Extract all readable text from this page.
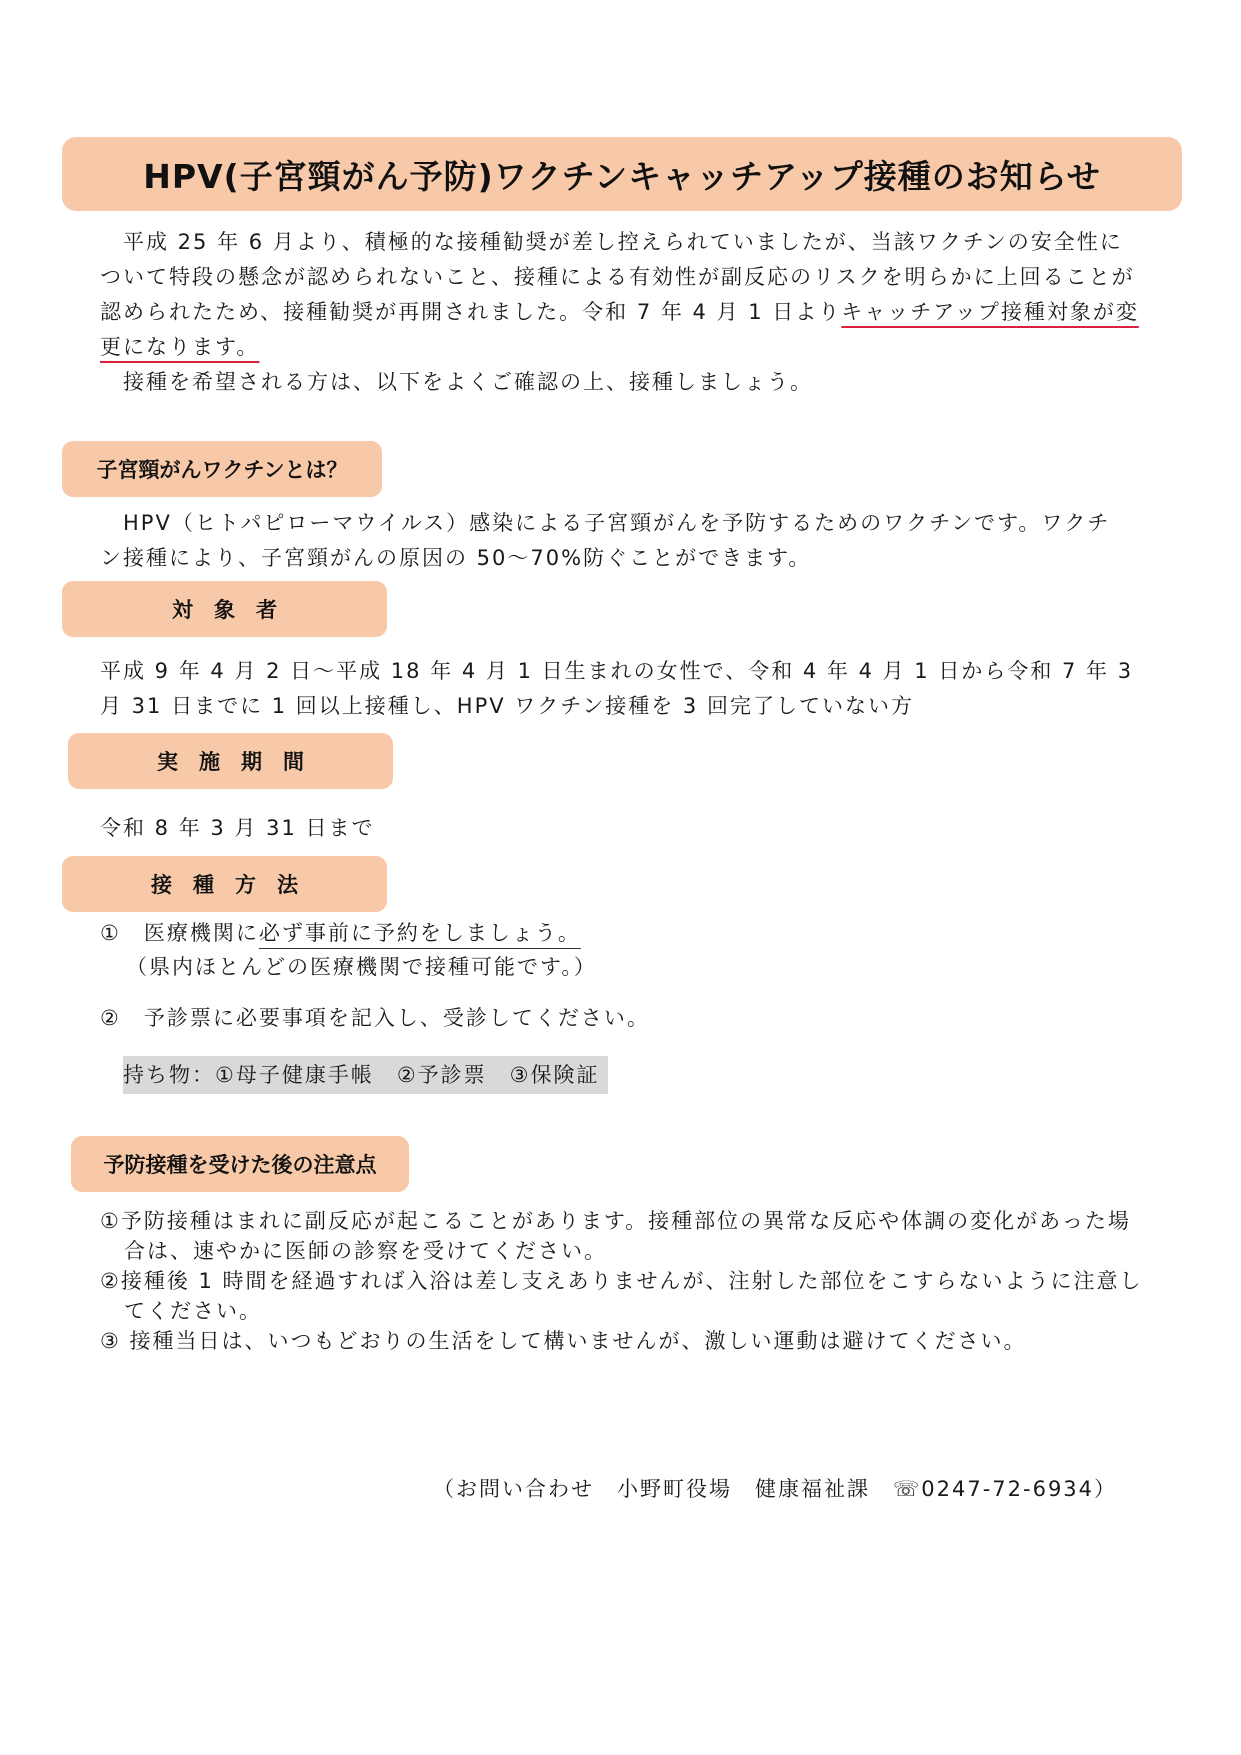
HPV(子宮頸がん予防)ワクチンキャッチアップ接種のお知らせ

　平成 25 年 6 月より、積極的な接種勧奨が差し控えられていましたが、当該ワクチンの安全性について特段の懸念が認められないこと、接種による有効性が副反応のリスクを明らかに上回ることが認められたため、接種勧奨が再開されました。令和 7 年 4 月 1 日よりキャッチアップ接種対象が変更になります。

　接種を希望される方は、以下をよくご確認の上、接種しましょう。

子宮頸がんワクチンとは？

　HPV（ヒトパピローマウイルス）感染による子宮頸がんを予防するためのワクチンです。ワクチン接種により、子宮頸がんの原因の 50～70%防ぐことができます。

対　象　者

平成 9 年 4 月 2 日～平成 18 年 4 月 1 日生まれの女性で、令和 4 年 4 月 1 日から令和 7 年 3 月 31 日までに 1 回以上接種し、HPV ワクチン接種を 3 回完了していない方

実　施　期　間

令和 8 年 3 月 31 日まで

接　種　方　法

①　医療機関に必ず事前に予約をしましょう。

（県内ほとんどの医療機関で接種可能です。）

②　予診票に必要事項を記入し、受診してください。

持ち物：①母子健康手帳　②予診票　③保険証
予防接種を受けた後の注意点

①予防接種はまれに副反応が起こることがあります。接種部位の異常な反応や体調の変化があった場

合は、速やかに医師の診察を受けてください。

②接種後 1 時間を経過すれば入浴は差し支えありませんが、注射した部位をこすらないように注意し

てください。

③ 接種当日は、いつもどおりの生活をして構いませんが、激しい運動は避けてください。

（お問い合わせ　小野町役場　健康福祉課　☏0247-72-6934）
